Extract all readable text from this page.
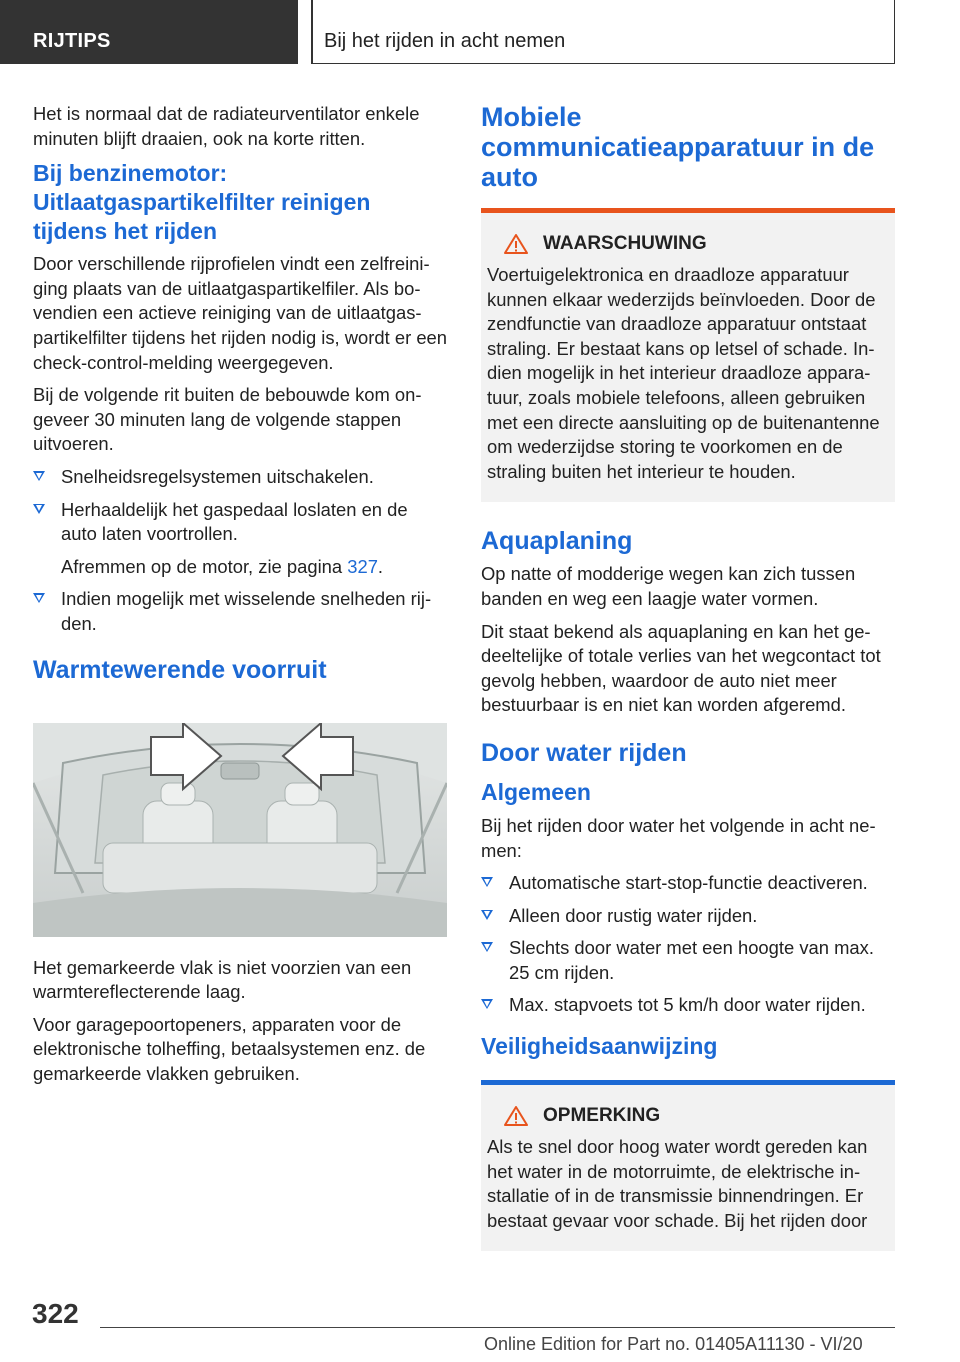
RIJTIPS	Bij het rijden in acht nemen

Het is normaal dat de radiateurventilator enkele minuten blijft draaien, ook na korte ritten.

Bij benzinemotor: Uitlaatgaspartikelfilter reinigen tijdens het rijden

Door verschillende rijprofielen vindt een zelfreiniging plaats van de uitlaatgaspartikelfiler. Als bovendien een actieve reiniging van de uitlaatgaspartikelfilter tijdens het rijden nodig is, wordt er een check-control-melding weergegeven.

Bij de volgende rit buiten de bebouwde kom ongeveer 30 minuten lang de volgende stappen uitvoeren.

Snelheidsregelsystemen uitschakelen.
Herhaaldelijk het gaspedaal loslaten en de auto laten voortrollen.
Afremmen op de motor, zie pagina 327.
Indien mogelijk met wisselende snelheden rijden.
Warmtewerende voorruit

Het gemarkeerde vlak is niet voorzien van een warmtereflecterende laag.

Voor garagepoortopeners, apparaten voor de elektronische tolheffing, betaalsystemen enz. de gemarkeerde vlakken gebruiken.

Mobiele communicatieapparatuur in de auto
WAARSCHUWING

Voertuigelektronica en draadloze apparatuur kunnen elkaar wederzijds beïnvloeden. Door de zendfunctie van draadloze apparatuur ontstaat straling. Er bestaat kans op letsel of schade. Indien mogelijk in het interieur draadloze apparatuur, zoals mobiele telefoons, alleen gebruiken met een directe aansluiting op de buitenantenne om wederzijdse storing te voorkomen en de straling buiten het interieur te houden.

Aquaplaning

Op natte of modderige wegen kan zich tussen banden en weg een laagje water vormen.

Dit staat bekend als aquaplaning en kan het gedeeltelijke of totale verlies van het wegcontact tot gevolg hebben, waardoor de auto niet meer bestuurbaar is en niet kan worden afgeremd.

Door water rijden
Algemeen

Bij het rijden door water het volgende in acht nemen:

Automatische start-stop-functie deactiveren.
Alleen door rustig water rijden.
Slechts door water met een hoogte van max. 25 cm rijden.
Max. stapvoets tot 5 km/h door water rijden.
Veiligheidsaanwijzing
OPMERKING

Als te snel door hoog water wordt gereden kan het water in de motorruimte, de elektrische installatie of in de transmissie binnendringen. Er bestaat gevaar voor schade. Bij het rijden door

322
Online Edition for Part no. 01405A11130 - VI/20
